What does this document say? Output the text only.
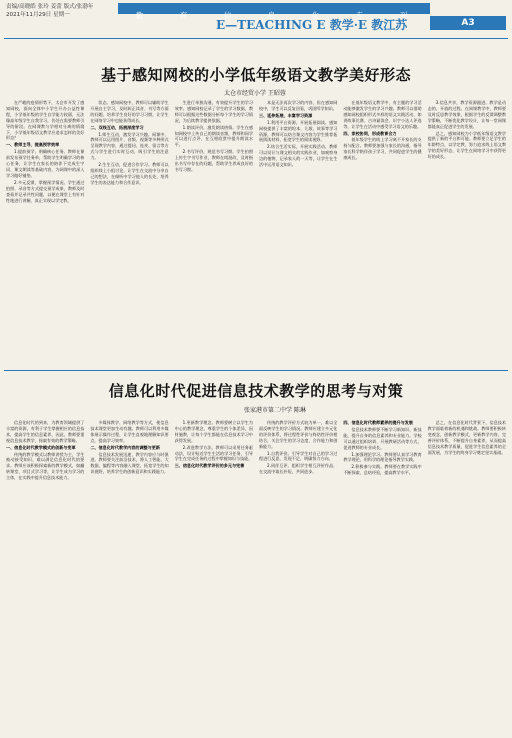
责编/高晓皓 张玲 姜蕾 版式/张渤年
2021年11月29日 星期一	教	育	信	息	化	专	刊
E—TEACHING E 教学·E 教江苏	A3
基于感知网校的小学低年级语文教学美好形态
太仓市经贸小学 王昭蓉

在严峻的疫情形势下，太仓市开发了感知网校，面向全体中小学生开办公益性课程，小学低年级的学生自学能力较弱，无法像高年级学生自我学习，仍处在需要教师引导的阶段。在网课教与学相对分离的情境下，小学低年级语文教学应追求怎样的美好形态？

一、教师主导，提高预学效率

1.提前预学，明确核心任务。教师在课前发布预学任务单，帮助学生明确学习的核心任务，让学生在家长的陪伴下完成生字词、课文朗读等基础内容，为网课中的深入学习做好铺垫。

2.多元反馈，掌握预学情况。学生通过拍照、录音等方式提交预学成果，教师及时查看并记录共性问题，以便在课堂上有针对性地进行讲解，真正实现以学定教。

状态。感知网校中，教师可以辅助学生开展自主学习，及时纠正读音、书写等方面的问题，培养学生良好的学习习惯，让学生在网络学习中也能获得成长。

二、双线互动，拓展深度学习

1.师生互动，激发学习兴趣。网课中，教师可以运用图片、音频、视频等多种形式呈现教学内容，通过提问、连麦、留言等方式与学生进行实时互动，吸引学生的注意力。

2.生生互动，促进合作学习。教师可以组织线上小组讨论，让学生在交流中分享自己的想法，在倾听中学习他人的长处，培养学生的表达能力和合作意识。

生进行单独沟通，有效提升学生的学习效率。感知网校记录了学生的学习数据，教师可以根据这些数据分析每个学生的学习情况，为后续教学提供依据。

1.朗读评价，激发朗读热情。学生在感知网校中上传自己的朗读音频，教师和同学可以进行点评，在互相欣赏中提升朗读水平。

2.书写评价，规范书写习惯。学生拍照上传生字书写作业，教师在线批改，及时指出书写中存在的问题，帮助学生养成良好的书写习惯。

本是无法再次学习的内容，但在感知网校中，学生可以反复回看，巩固所学知识。

三、延伸拓展，丰富学习资源

1.利用平台资源，开展拓展阅读。感知网校提供了丰富的绘本、儿歌、故事等学习资源，教师可以结合课文内容为学生推荐拓展阅读材料，拓宽学生的阅读视野。

2.结合生活实际，开展实践活动。教师可以设计与课文相关的实践作业，如观察身边的植物、记录家人的一天等，让学生在生活中运用语文知识。

在低年级语文教学中，有主题的学习活动能够激发学生的学习兴趣。教师可以借助感知网校组织形式多样的语文实践活动，如讲故事比赛、古诗诵读会、识字小达人评选等，让学生在活动中感受学习语文的乐趣。

四、家校协同，形成教育合力

低年级学生的线上学习离不开家长的支持与配合。教师要加强与家长的沟通，指导家长科学陪伴孩子学习，共同促进学生的健康成长。

3.信息共享，教学资源跟进。教学是动态的、开放的过程。在网课教学中，教师要及时反思教学效果，根据学生的反馈调整教学策略，不断优化教学设计，让每一堂网课都能真正促进学生的发展。

总之，感知网校为小学低年级语文教学提供了新的平台和可能。教师要立足学生的年龄特点，以学定教，努力追求线上语文教学的美好形态，让学生在网络学习中获得更好的成长。

信息化时代促进信息技术教学的思考与对策
张家港市第二中学 陈琳

信息化时代的到来，为教育领域提供了丰富的资源，有利于学生掌握相应的信息技术，提高学生的信息素养，因此，教师要重视信息技术教学，探索有效的教学策略。

一、信息化时代教学模式的创新与变革

传统的教学模式以教师讲授为主，学生被动接受知识，难以满足信息化时代的要求。教师应该积极探索新的教学模式，如翻转课堂、项目式学习等，让学生成为学习的主体，在实践中提升信息技术能力。

多媒体教学、网络教学等方式，使信息技术课堂更加生动有趣。教师可以利用多媒体展示操作过程，让学生直观地理解知识要点，提高学习效率。

二、信息化时代教学内容的调整与更新

信息技术发展迅速，教学内容应与时俱进。教师要关注前沿技术，将人工智能、大数据、编程等内容融入课堂，拓宽学生的知识视野，培养学生的创新意识和实践能力。

1.更新教学理念。教师要树立以学生为中心的教学理念，尊重学生的个体差异，因材施教，让每个学生都能在信息技术学习中获得发展。

2.改进教学方法。教师可以采用任务驱动法，设计贴近学生生活的学习任务，引导学生在完成任务的过程中掌握知识与技能。

三、信息化时代教学评价的多元与完善

传统的教学评价方式较为单一，难以全面反映学生的学习情况。教师应建立多元化的评价体系，将过程性评价与终结性评价相结合，关注学生的学习态度、合作能力和创新能力。

1.自我评价。引导学生对自己的学习过程进行反思，发现不足，明确努力方向。

2.同伴互评。组织学生相互评价作品，在交流中取长补短，共同进步。

四、信息化时代教师素养的提升与发展

信息技术教师要不断学习新知识、新技能，提升自身的信息素养和专业能力。学校可以通过组织培训、开展教研活动等方式，促进教师的专业成长。

1.加强理论学习。教师要认真学习教育教学理论，用科学的理论指导教学实践。

2.积极参与实践。教师要在教学实践中不断探索、总结经验，提高教学水平。

总之，在信息化时代背景下，信息技术教学面临着新的机遇和挑战。教师要积极转变观念，创新教学模式，更新教学内容，完善评价体系，不断提升自身素养，从而提高信息技术教学质量，促进学生信息素养的全面发展，为学生的终身学习奠定坚实基础。
